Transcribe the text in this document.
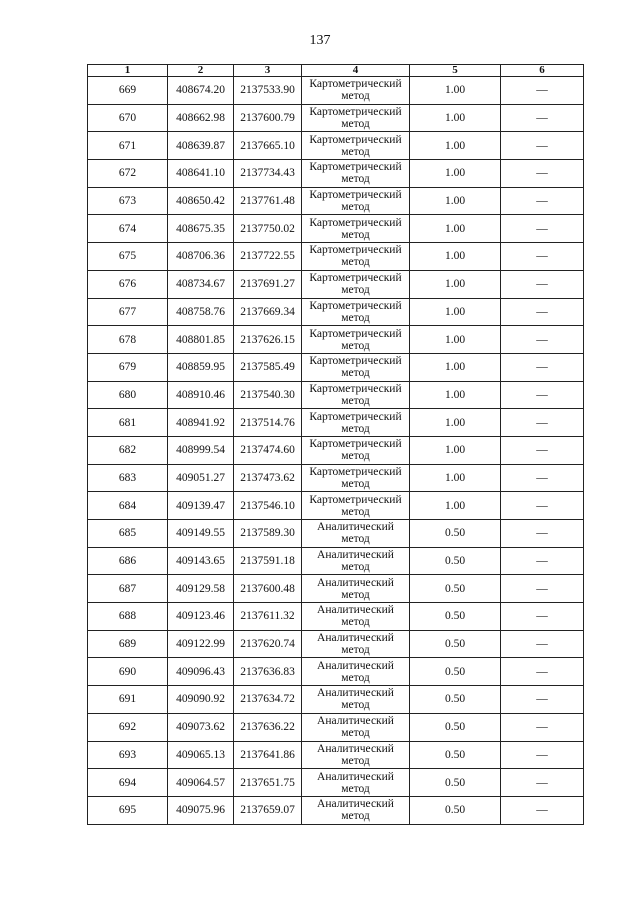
137
1	2	3	4	5	6
669	408674.20	2137533.90	Картометрический метод	1.00	—
670	408662.98	2137600.79	Картометрический метод	1.00	—
671	408639.87	2137665.10	Картометрический метод	1.00	—
672	408641.10	2137734.43	Картометрический метод	1.00	—
673	408650.42	2137761.48	Картометрический метод	1.00	—
674	408675.35	2137750.02	Картометрический метод	1.00	—
675	408706.36	2137722.55	Картометрический метод	1.00	—
676	408734.67	2137691.27	Картометрический метод	1.00	—
677	408758.76	2137669.34	Картометрический метод	1.00	—
678	408801.85	2137626.15	Картометрический метод	1.00	—
679	408859.95	2137585.49	Картометрический метод	1.00	—
680	408910.46	2137540.30	Картометрический метод	1.00	—
681	408941.92	2137514.76	Картометрический метод	1.00	—
682	408999.54	2137474.60	Картометрический метод	1.00	—
683	409051.27	2137473.62	Картометрический метод	1.00	—
684	409139.47	2137546.10	Картометрический метод	1.00	—
685	409149.55	2137589.30	Аналитический метод	0.50	—
686	409143.65	2137591.18	Аналитический метод	0.50	—
687	409129.58	2137600.48	Аналитический метод	0.50	—
688	409123.46	2137611.32	Аналитический метод	0.50	—
689	409122.99	2137620.74	Аналитический метод	0.50	—
690	409096.43	2137636.83	Аналитический метод	0.50	—
691	409090.92	2137634.72	Аналитический метод	0.50	—
692	409073.62	2137636.22	Аналитический метод	0.50	—
693	409065.13	2137641.86	Аналитический метод	0.50	—
694	409064.57	2137651.75	Аналитический метод	0.50	—
695	409075.96	2137659.07	Аналитический метод	0.50	—
